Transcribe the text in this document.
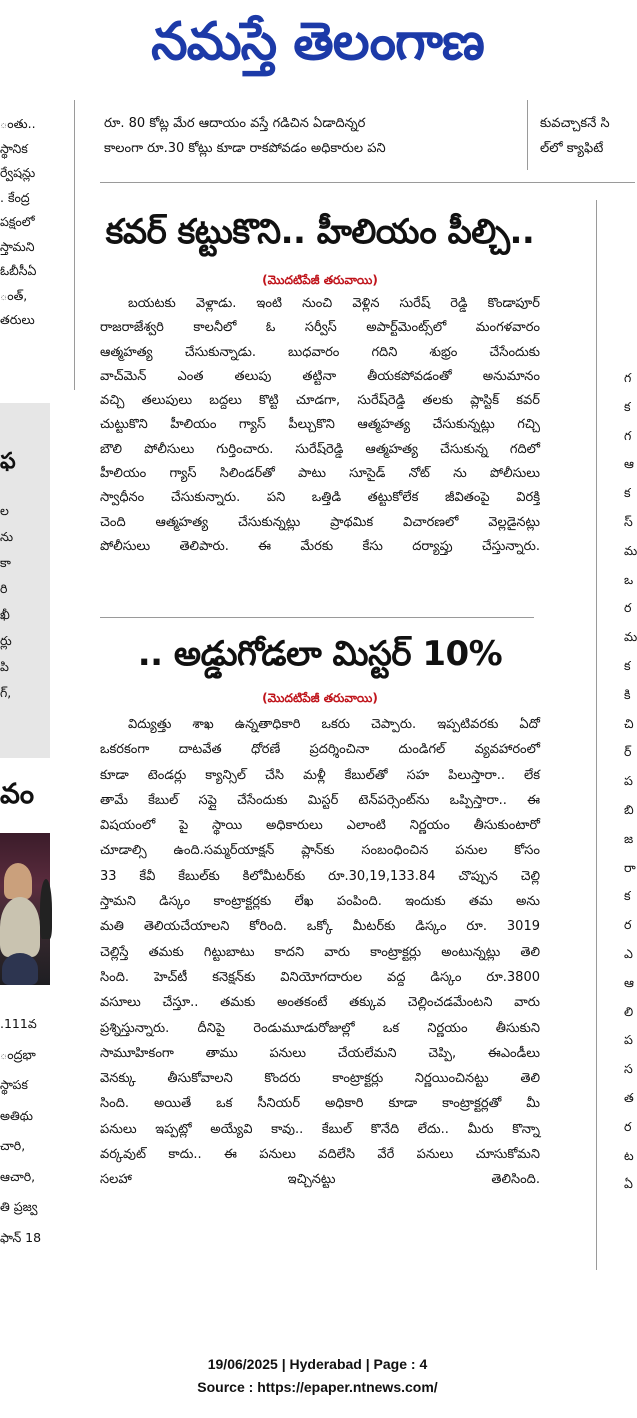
నమస్తే తెలంగాణ
ంతు..
స్థానిక
ర్వేషన్లు
. కేంద్ర
పక్షంలో
స్తామని
ఓబీసీఏ
ంత్‌,
తరులు
రూ. 80 కోట్ల మేర ఆదాయం వస్తే గడిచిన ఏడాదిన్నర
కాలంగా రూ.30 కోట్లు కూడా రాకపోవడం అధికారుల పని
కువచ్చాకనే సి
ల్‌లో క్యాఫిటే
ఫ
ల
ను
కా
రి
ఖీ
ర్లు
పి
గ్,
వం
.111వ
ంద్రభా
స్థాపక
అతిథు
చారి,
ఆచారి,
తి ప్రజ్వ
ఫాన్ 18
గ
క
గ
ఆ
క
స్
మ
ఒ
ర
మ
క
కి
చి
ర్
ప
బి
జ
రా
క
ర
ఎ
ఆ
లి
ప
స
త
ర
ట
ఏ
కవర్ కట్టుకొని.. హీలియం పీల్చి..
(మొదటిపేజీ తరువాయి)
బయటకు వెళ్లాడు. ఇంటి నుంచి వెళ్లిన సురేష్ రెడ్డి కొండాపూర్
రాజరాజేశ్వరి కాలనీలో ఓ సర్వీస్ అపార్ట్‌మెంట్స్‌లో మంగళవారం
ఆత్మహత్య చేసుకున్నాడు. బుధవారం గదిని శుభ్రం చేసేందుకు
వాచ్‌మెన్ ఎంత తలుపు తట్టినా తీయకపోవడంతో అనుమానం
వచ్చి తలుపులు బద్దలు కొట్టి చూడగా, సురేష్‌రెడ్డి తలకు ప్లాస్టిక్ కవర్
చుట్టుకొని హీలియం గ్యాస్ పీల్చుకొని ఆత్మహత్య చేసుకున్నట్లు గచ్చి
బౌలి పోలీసులు గుర్తించారు. సురేష్‌రెడ్డి ఆత్మహత్య చేసుకున్న గదిలో
హీలియం గ్యాస్ సిలిండర్‌తో పాటు సూసైడ్ నోట్ ను పోలీసులు
స్వాధీనం చేసుకున్నారు. పని ఒత్తిడి తట్టుకోలేక జీవితంపై విరక్తి
చెంది ఆత్మహత్య చేసుకున్నట్లు ప్రాథమిక విచారణలో వెల్లడైనట్లు
పోలీసులు తెలిపారు. ఈ మేరకు కేసు దర్యాప్తు చేస్తున్నారు.
.. అడ్డుగోడలా మిస్టర్ 10%
(మొదటిపేజీ తరువాయి)
విద్యుత్తు శాఖ ఉన్నతాధికారి ఒకరు చెప్పారు. ఇప్పటివరకు ఏదో
ఒకరకంగా దాటవేత ధోరణే ప్రదర్శించినా దుండిగల్ వ్యవహారంలో
కూడా టెండర్లు క్యాన్సిల్ చేసి మళ్లీ కేబుల్‌తో సహ పిలుస్తారా.. లేక
తామే కేబుల్ సప్లై చేసేందుకు మిస్టర్ టెన్‌పర్సెంట్‌ను ఒప్పిస్తారా.. ఈ
విషయంలో పై స్థాయి అధికారులు ఎలాంటి నిర్ణయం తీసుకుంటారో
చూడాల్సి ఉంది.సమ్మర్‌యాక్షన్ ప్లాన్‌కు సంబంధించిన పనుల కోసం
33 కేవీ కేబుల్‌కు కిలోమీటర్‌కు రూ.30,19,133.84 చొప్పున చెల్లి
స్తామని డిస్కం కాంట్రాక్టర్లకు లేఖ పంపింది. ఇందుకు తమ అను
మతి తెలియచేయాలని కోరింది. ఒక్కో మీటర్‌కు డిస్కం రూ. 3019
చెల్లిస్తే తమకు గిట్టుబాటు కాదని వారు కాంట్రాక్టర్లు అంటున్నట్లు తెలి
సింది. హెచ్‌టీ కనెక్షన్‌కు వినియోగదారుల వద్ద డిస్కం రూ.3800
వసూలు చేస్తూ.. తమకు అంతకంటే తక్కువ చెల్లించడమేంటని వారు
ప్రశ్నిస్తున్నారు. దీనిపై రెండుమూడురోజుల్లో ఒక నిర్ణయం తీసుకుని
సామూహికంగా తాము పనులు చేయలేమని చెప్పి, ఈఎండీలు
వెనక్కు తీసుకోవాలని కొందరు కాంట్రాక్టర్లు నిర్ణయించినట్టు తెలి
సింది. అయితే ఒక సీనియర్ అధికారి కూడా కాంట్రాక్టర్లతో మీ
పనులు ఇప్పట్లో అయ్యేవి కావు.. కేబుల్ కొనేది లేదు.. మీరు కొన్నా
వర్కవుట్ కాదు.. ఈ పనులు వదిలేసి వేరే పనులు చూసుకోమని
సలహా ఇచ్చినట్టు తెలిసింది.
19/06/2025 | Hyderabad | Page : 4
Source : https://epaper.ntnews.com/
